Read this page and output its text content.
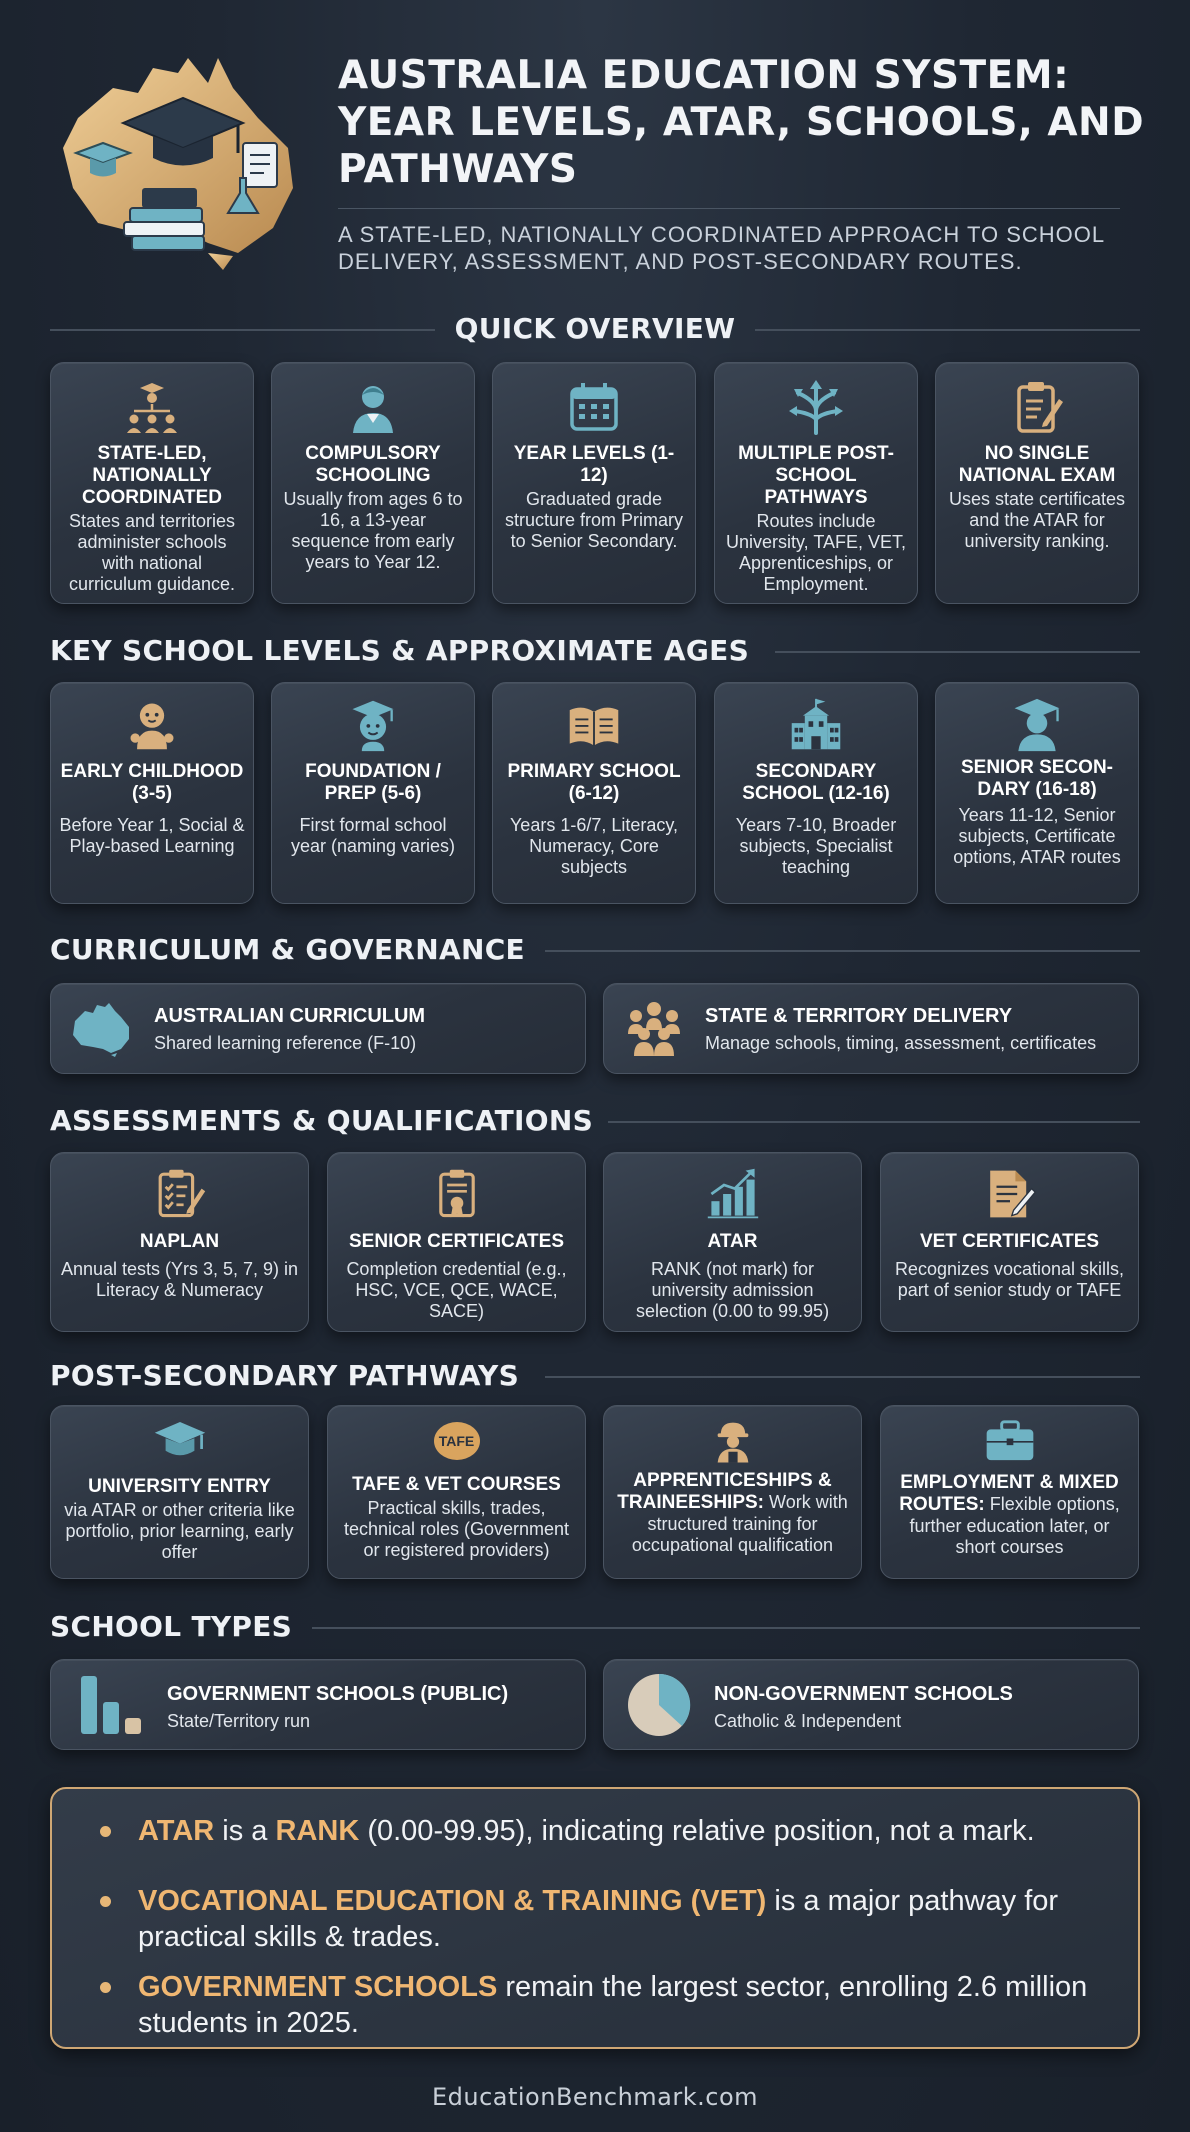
AUSTRALIA EDUCATION SYSTEM: YEAR LEVELS, ATAR, SCHOOLS, AND PATHWAYS
A STATE-LED, NATIONALLY COORDINATED APPROACH TO SCHOOL DELIVERY, ASSESSMENT, AND POST-SECONDARY ROUTES.
QUICK OVERVIEW
STATE-LED, NATIONALLY COORDINATED
States and territories administer schools with national curriculum guidance.
COMPULSORY SCHOOLING
Usually from ages 6 to 16, a 13-year sequence from early years to Year 12.
YEAR LEVELS (1-12)
Graduated grade structure from Primary to Senior Secondary.
MULTIPLE POST-SCHOOL PATHWAYS
Routes include University, TAFE, VET, Apprenticeships, or Employment.
NO SINGLE NATIONAL EXAM
Uses state certificates and the ATAR for university ranking.
KEY SCHOOL LEVELS & APPROXIMATE AGES
EARLY CHILDHOOD (3-5)
Before Year 1, Social & Play-based Learning
FOUNDATION / PREP (5-6)
First formal school year (naming varies)
PRIMARY SCHOOL (6-12)
Years 1-6/7, Literacy, Numeracy, Core subjects
SECONDARY SCHOOL (12-16)
Years 7-10, Broader subjects, Specialist teaching
SENIOR SECON-DARY (16-18)
Years 11-12, Senior subjects, Certificate options, ATAR routes
CURRICULUM & GOVERNANCE
AUSTRALIAN CURRICULUM
Shared learning reference (F-10)
STATE & TERRITORY DELIVERY
Manage schools, timing, assessment, certificates
ASSESSMENTS & QUALIFICATIONS
NAPLAN
Annual tests (Yrs 3, 5, 7, 9) in Literacy & Numeracy
SENIOR CERTIFICATES
Completion credential (e.g., HSC, VCE, QCE, WACE, SACE)
ATAR
RANK (not mark) for university admission selection (0.00 to 99.95)
VET CERTIFICATES
Recognizes vocational skills, part of senior study or TAFE
POST-SECONDARY PATHWAYS
UNIVERSITY ENTRY
via ATAR or other criteria like portfolio, prior learning, early offer
TAFE
TAFE & VET COURSES
Practical skills, trades, technical roles (Government or registered providers)
APPRENTICESHIPS & TRAINEESHIPS: Work with structured training for occupational qualification
EMPLOYMENT & MIXED ROUTES: Flexible options, further education later, or short courses
SCHOOL TYPES
GOVERNMENT SCHOOLS (PUBLIC)
State/Territory run
NON-GOVERNMENT SCHOOLS
Catholic & Independent
ATAR is a RANK (0.00-99.95), indicating relative position, not a mark.
VOCATIONAL EDUCATION & TRAINING (VET) is a major pathway for practical skills & trades.
GOVERNMENT SCHOOLS remain the largest sector, enrolling 2.6 million students in 2025.
EducationBenchmark.com
